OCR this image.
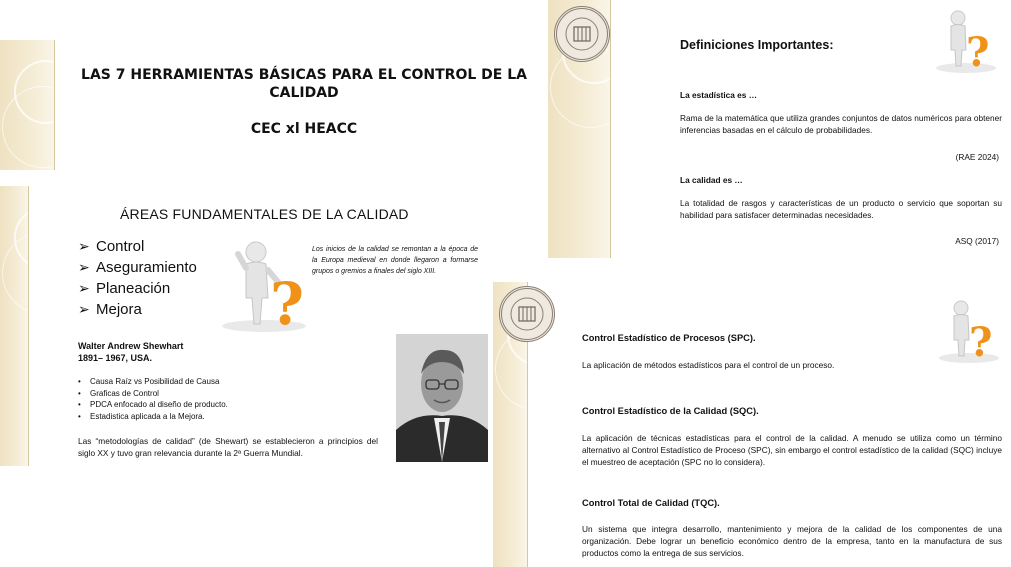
LAS 7 HERRAMIENTAS BÁSICAS PARA EL CONTROL DE LA CALIDAD
CEC xl HEACC
ÁREAS FUNDAMENTALES DE LA CALIDAD
➢ Control
➢ Aseguramiento
➢ Planeación
➢ Mejora ?
Los inicios de la calidad se remontan a la época de la Europa medieval en donde llegaron a formarse grupos o gremios a finales del siglo XIII.
Walter Andrew Shewhart
1891– 1967, USA.
•	Causa Raíz vs Posibilidad de Causa
•	Graficas de Control
•	PDCA enfocado al diseño de producto.
•	Estadistica aplicada a la Mejora.
Las “metodologías de calidad” (de Shewart) se establecieron a principios del siglo XX y tuvo gran relevancia durante la 2ª Guerra Mundial.
Definiciones Importantes:	?
La estadística es …
Rama de la matemática que utiliza grandes conjuntos de datos numéricos para obtener inferencias basadas en el cálculo de probabilidades.
(RAE 2024)
La calidad es …
La totalidad de rasgos y características de un producto o servicio que soportan su habilidad para satisfacer determinadas necesidades.
ASQ (2017)
?
Control Estadístico de Procesos (SPC).
La aplicación de métodos estadísticos para el control de un proceso.
Control Estadístico de la Calidad (SQC).
La aplicación de técnicas estadísticas para el control de la calidad. A menudo se utiliza como un término alternativo al Control Estadístico de Proceso (SPC), sin embargo el control estadístico de la calidad (SQC) incluye el muestreo de aceptación (SPC no lo considera).
Control Total de Calidad (TQC).
Un sistema que integra desarrollo, mantenimiento y mejora de la calidad de los componentes de una organización. Debe lograr un beneficio económico dentro de la empresa, tanto en la manufactura de sus productos como la entrega de sus servicios.
